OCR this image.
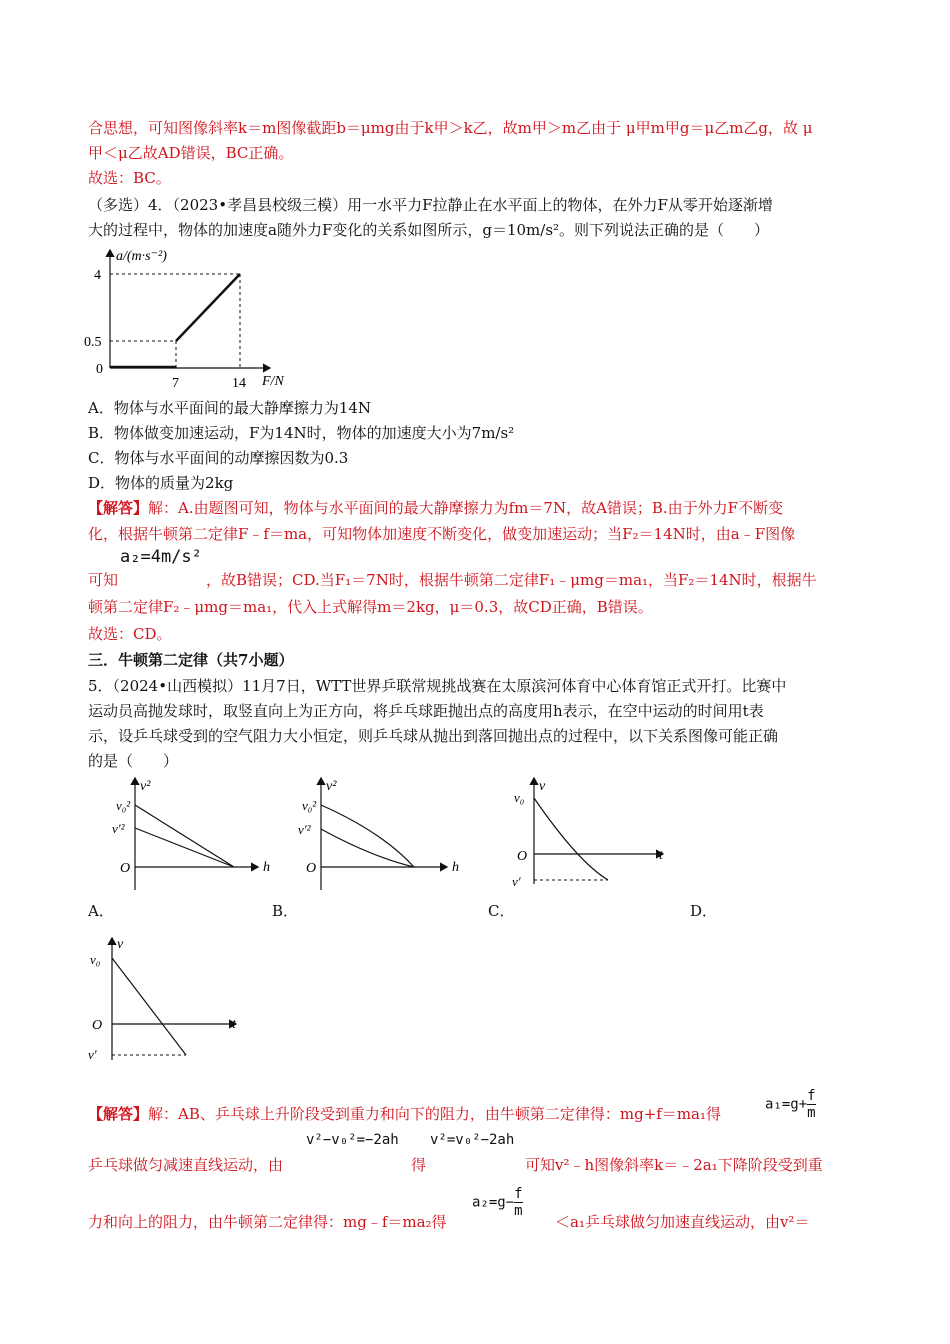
合思想，可知图像斜率k＝m图像截距b＝μmg由于k甲＞k乙，故m甲＞m乙由于 μ甲m甲g＝μ乙m乙g，故 μ
甲＜μ乙故AD错误，BC正确。
故选：BC。
（多选）4．（2023•孝昌县校级三模）用一水平力F拉静止在水平面上的物体，在外力F从零开始逐渐增
大的过程中，物体的加速度a随外力F变化的关系如图所示，g＝10m/s²。则下列说法正确的是（　　）
a/(m·s⁻²)
F/N
4
0.5
0
7	14
A．物体与水平面间的最大静摩擦力为14N
B．物体做变加速运动，F为14N时，物体的加速度大小为7m/s²
C．物体与水平面间的动摩擦因数为0.3
D．物体的质量为2kg
【解答】解：A.由题图可知，物体与水平面间的最大静摩擦力为fm＝7N，故A错误；B.由于外力F不断变
化，根据牛顿第二定律F﹣f＝ma，可知物体加速度不断变化，做变加速运动；当F₂＝14N时，由a﹣F图像
可知
a₂=4m/s²
，故B错误；CD.当F₁＝7N时，根据牛顿第二定律F₁﹣μmg＝ma₁，当F₂＝14N时，根据牛
顿第二定律F₂﹣μmg＝ma₁，代入上式解得m＝2kg，μ＝0.3，故CD正确，B错误。
故选：CD。
三．牛顿第二定律（共7小题）
5．（2024•山西模拟）11月7日，WTT世界乒联常规挑战赛在太原滨河体育中心体育馆正式开打。比赛中
运动员高抛发球时，取竖直向上为正方向，将乒乓球距抛出点的高度用h表示，在空中运动的时间用t表
示，设乒乓球受到的空气阻力大小恒定，则乒乓球从抛出到落回抛出点的过程中，以下关系图像可能正确
的是（　　）
v²
v₀²
v′²
O	h
A．
v²
v₀²
v′²
O	h
B．
v
v₀
O
v′
t
C．	D．
v
v₀
O
v′
t
【解答】解：AB、乒乓球上升阶段受到重力和向下的阻力，由牛顿第二定律得：mg+f＝ma₁得
$a_1=g+ \frac{f}{m}$
乒乓球做匀减速直线运动，由
v²−v₀²=−2ah
得
v²=v₀²−2ah
可知v²﹣h图像斜率k＝﹣2a₁下降阶段受到重
力和向上的阻力，由牛顿第二定律得：mg﹣f＝ma₂得
$a_2=g- \frac{f}{m}$
＜a₁乒乓球做匀加速直线运动，由v²＝
